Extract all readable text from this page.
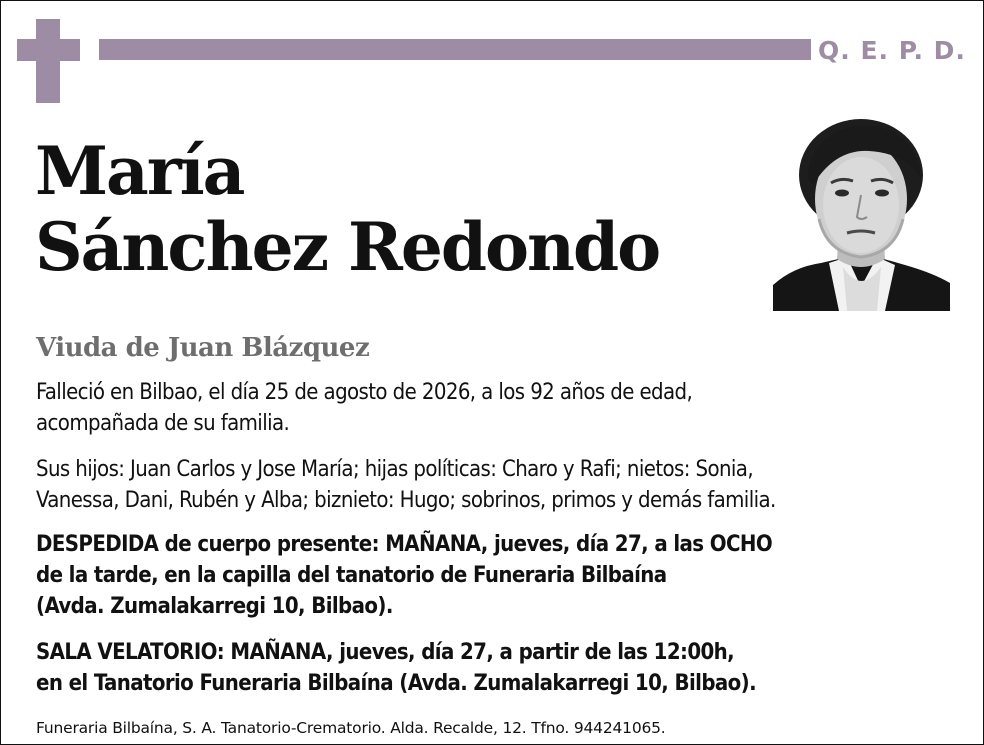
Q. E. P. D.
María
Sánchez Redondo
Viuda de Juan Blázquez

Falleció en Bilbao, el día 25 de agosto de 2026, a los 92 años de edad,
acompañada de su familia.

Sus hijos: Juan Carlos y Jose María; hijas políticas: Charo y Rafi; nietos: Sonia,
Vanessa, Dani, Rubén y Alba; biznieto: Hugo; sobrinos, primos y demás familia.

DESPEDIDA de cuerpo presente: MAÑANA, jueves, día 27, a las OCHO
de la tarde, en la capilla del tanatorio de Funeraria Bilbaína
(Avda. Zumalakarregi 10, Bilbao).

SALA VELATORIO: MAÑANA, jueves, día 27, a partir de las 12:00h,
en el Tanatorio Funeraria Bilbaína (Avda. Zumalakarregi 10, Bilbao).

Funeraria Bilbaína, S. A. Tanatorio-Crematorio. Alda. Recalde, 12. Tfno. 944241065.
